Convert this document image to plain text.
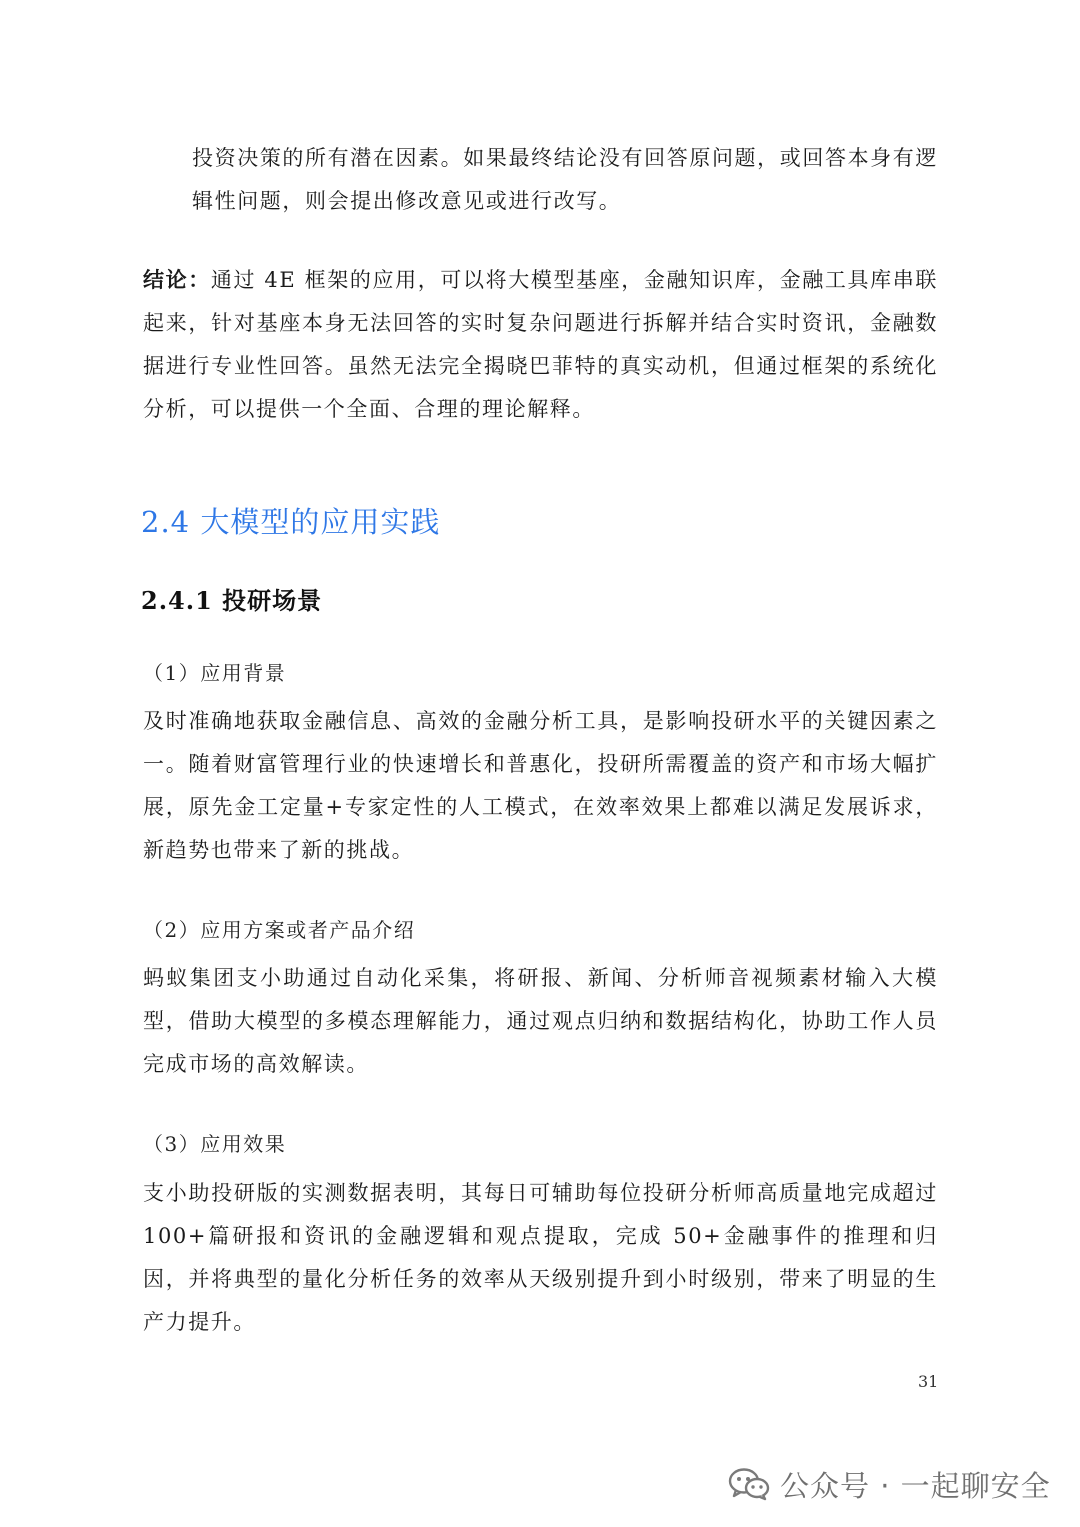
投资决策的所有潜在因素。如果最终结论没有回答原问题，或回答本身有逻辑性问题，则会提出修改意见或进行改写。

结论：通过 4E 框架的应用，可以将大模型基座，金融知识库，金融工具库串联起来，针对基座本身无法回答的实时复杂问题进行拆解并结合实时资讯，金融数据进行专业性回答。虽然无法完全揭晓巴菲特的真实动机，但通过框架的系统化分析，可以提供一个全面、合理的理论解释。

2.4 大模型的应用实践
2.4.1 投研场景

（1）应用背景

及时准确地获取金融信息、高效的金融分析工具，是影响投研水平的关键因素之一。随着财富管理行业的快速增长和普惠化，投研所需覆盖的资产和市场大幅扩展，原先金工定量+专家定性的人工模式，在效率效果上都难以满足发展诉求，新趋势也带来了新的挑战。

（2）应用方案或者产品介绍

蚂蚁集团支小助通过自动化采集，将研报、新闻、分析师音视频素材输入大模型，借助大模型的多模态理解能力，通过观点归纳和数据结构化，协助工作人员完成市场的高效解读。

（3）应用效果

支小助投研版的实测数据表明，其每日可辅助每位投研分析师高质量地完成超过100+篇研报和资讯的金融逻辑和观点提取，完成 50+金融事件的推理和归因，并将典型的量化分析任务的效率从天级别提升到小时级别，带来了明显的生产力提升。

31
公众号 · 一起聊安全
